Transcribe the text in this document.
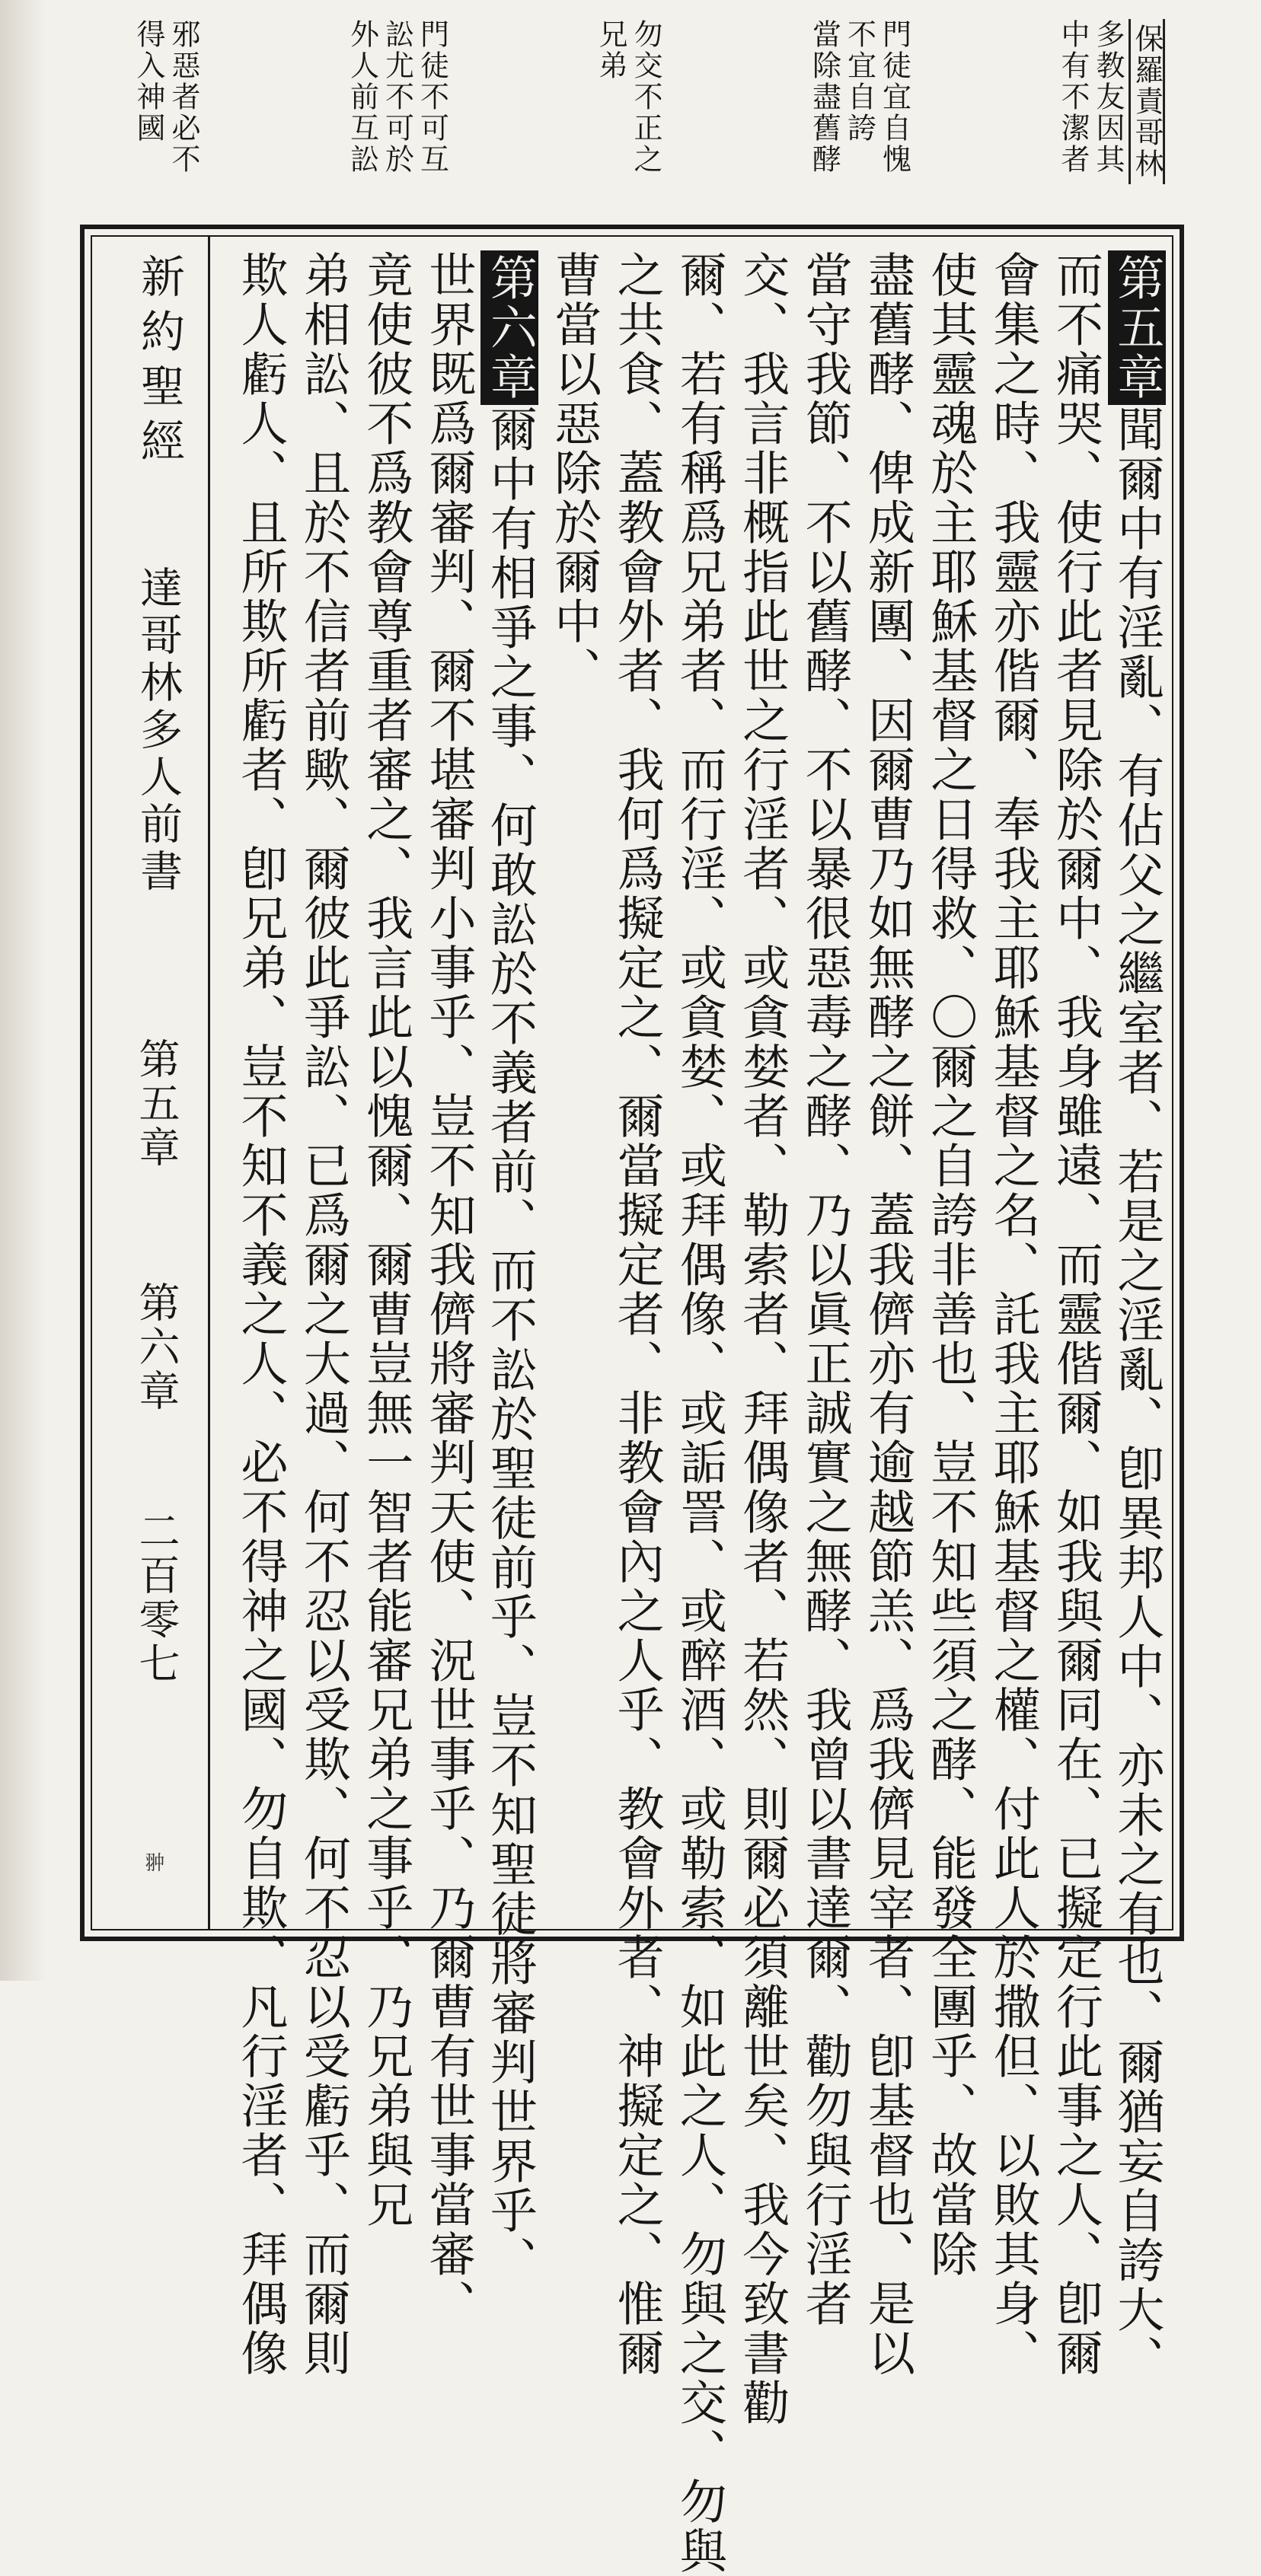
保羅責哥林
多教友因其
中有不潔者
門徒宜自愧
不宜自誇
當除盡舊酵
勿交不正之
兄弟
門徒不可互
訟尤不可於
外人前互訟
邪惡者必不
得入神國
第五章聞爾中有淫亂、有佔父之繼室者、若是之淫亂、卽異邦人中、亦未之有也、爾猶妄自誇大、
而不痛哭、使行此者見除於爾中、我身雖遠、而靈偕爾、如我與爾同在、已擬定行此事之人、卽爾
會集之時、我靈亦偕爾、奉我主耶穌基督之名、託我主耶穌基督之權、付此人於撒但、以敗其身、
使其靈魂於主耶穌基督之日得救、〇爾之自誇非善也、豈不知些須之酵、能發全團乎、故當除
盡舊酵、俾成新團、因爾曹乃如無酵之餅、蓋我儕亦有逾越節羔、爲我儕見宰者、卽基督也、是以
當守我節、不以舊酵、不以暴很惡毒之酵、乃以眞正誠實之無酵、我曾以書達爾、勸勿與行淫者
交、我言非概指此世之行淫者、或貪婪者、勒索者、拜偶像者、若然、則爾必須離世矣、我今致書勸
爾、若有稱爲兄弟者、而行淫、或貪婪、或拜偶像、或詬詈、或醉酒、或勒索、如此之人、勿與之交、勿與
之共食、蓋教會外者、我何爲擬定之、爾當擬定者、非教會內之人乎、教會外者、神擬定之、惟爾
曹當以惡除於爾中、
第六章爾中有相爭之事、何敢訟於不義者前、而不訟於聖徒前乎、豈不知聖徒將審判世界乎、
世界既爲爾審判、爾不堪審判小事乎、豈不知我儕將審判天使、況世事乎、乃爾曹有世事當審、
竟使彼不爲教會尊重者審之、我言此以愧爾、爾曹豈無一智者能審兄弟之事乎、乃兄弟與兄
弟相訟、且於不信者前歟、爾彼此爭訟、已爲爾之大過、何不忍以受欺、何不忍以受虧乎、而爾則
欺人虧人、且所欺所虧者、卽兄弟、豈不知不義之人、必不得神之國、勿自欺、凡行淫者、拜偶像
新約聖經
達哥林多人前書
第五章
第六章
二百零七
翀
